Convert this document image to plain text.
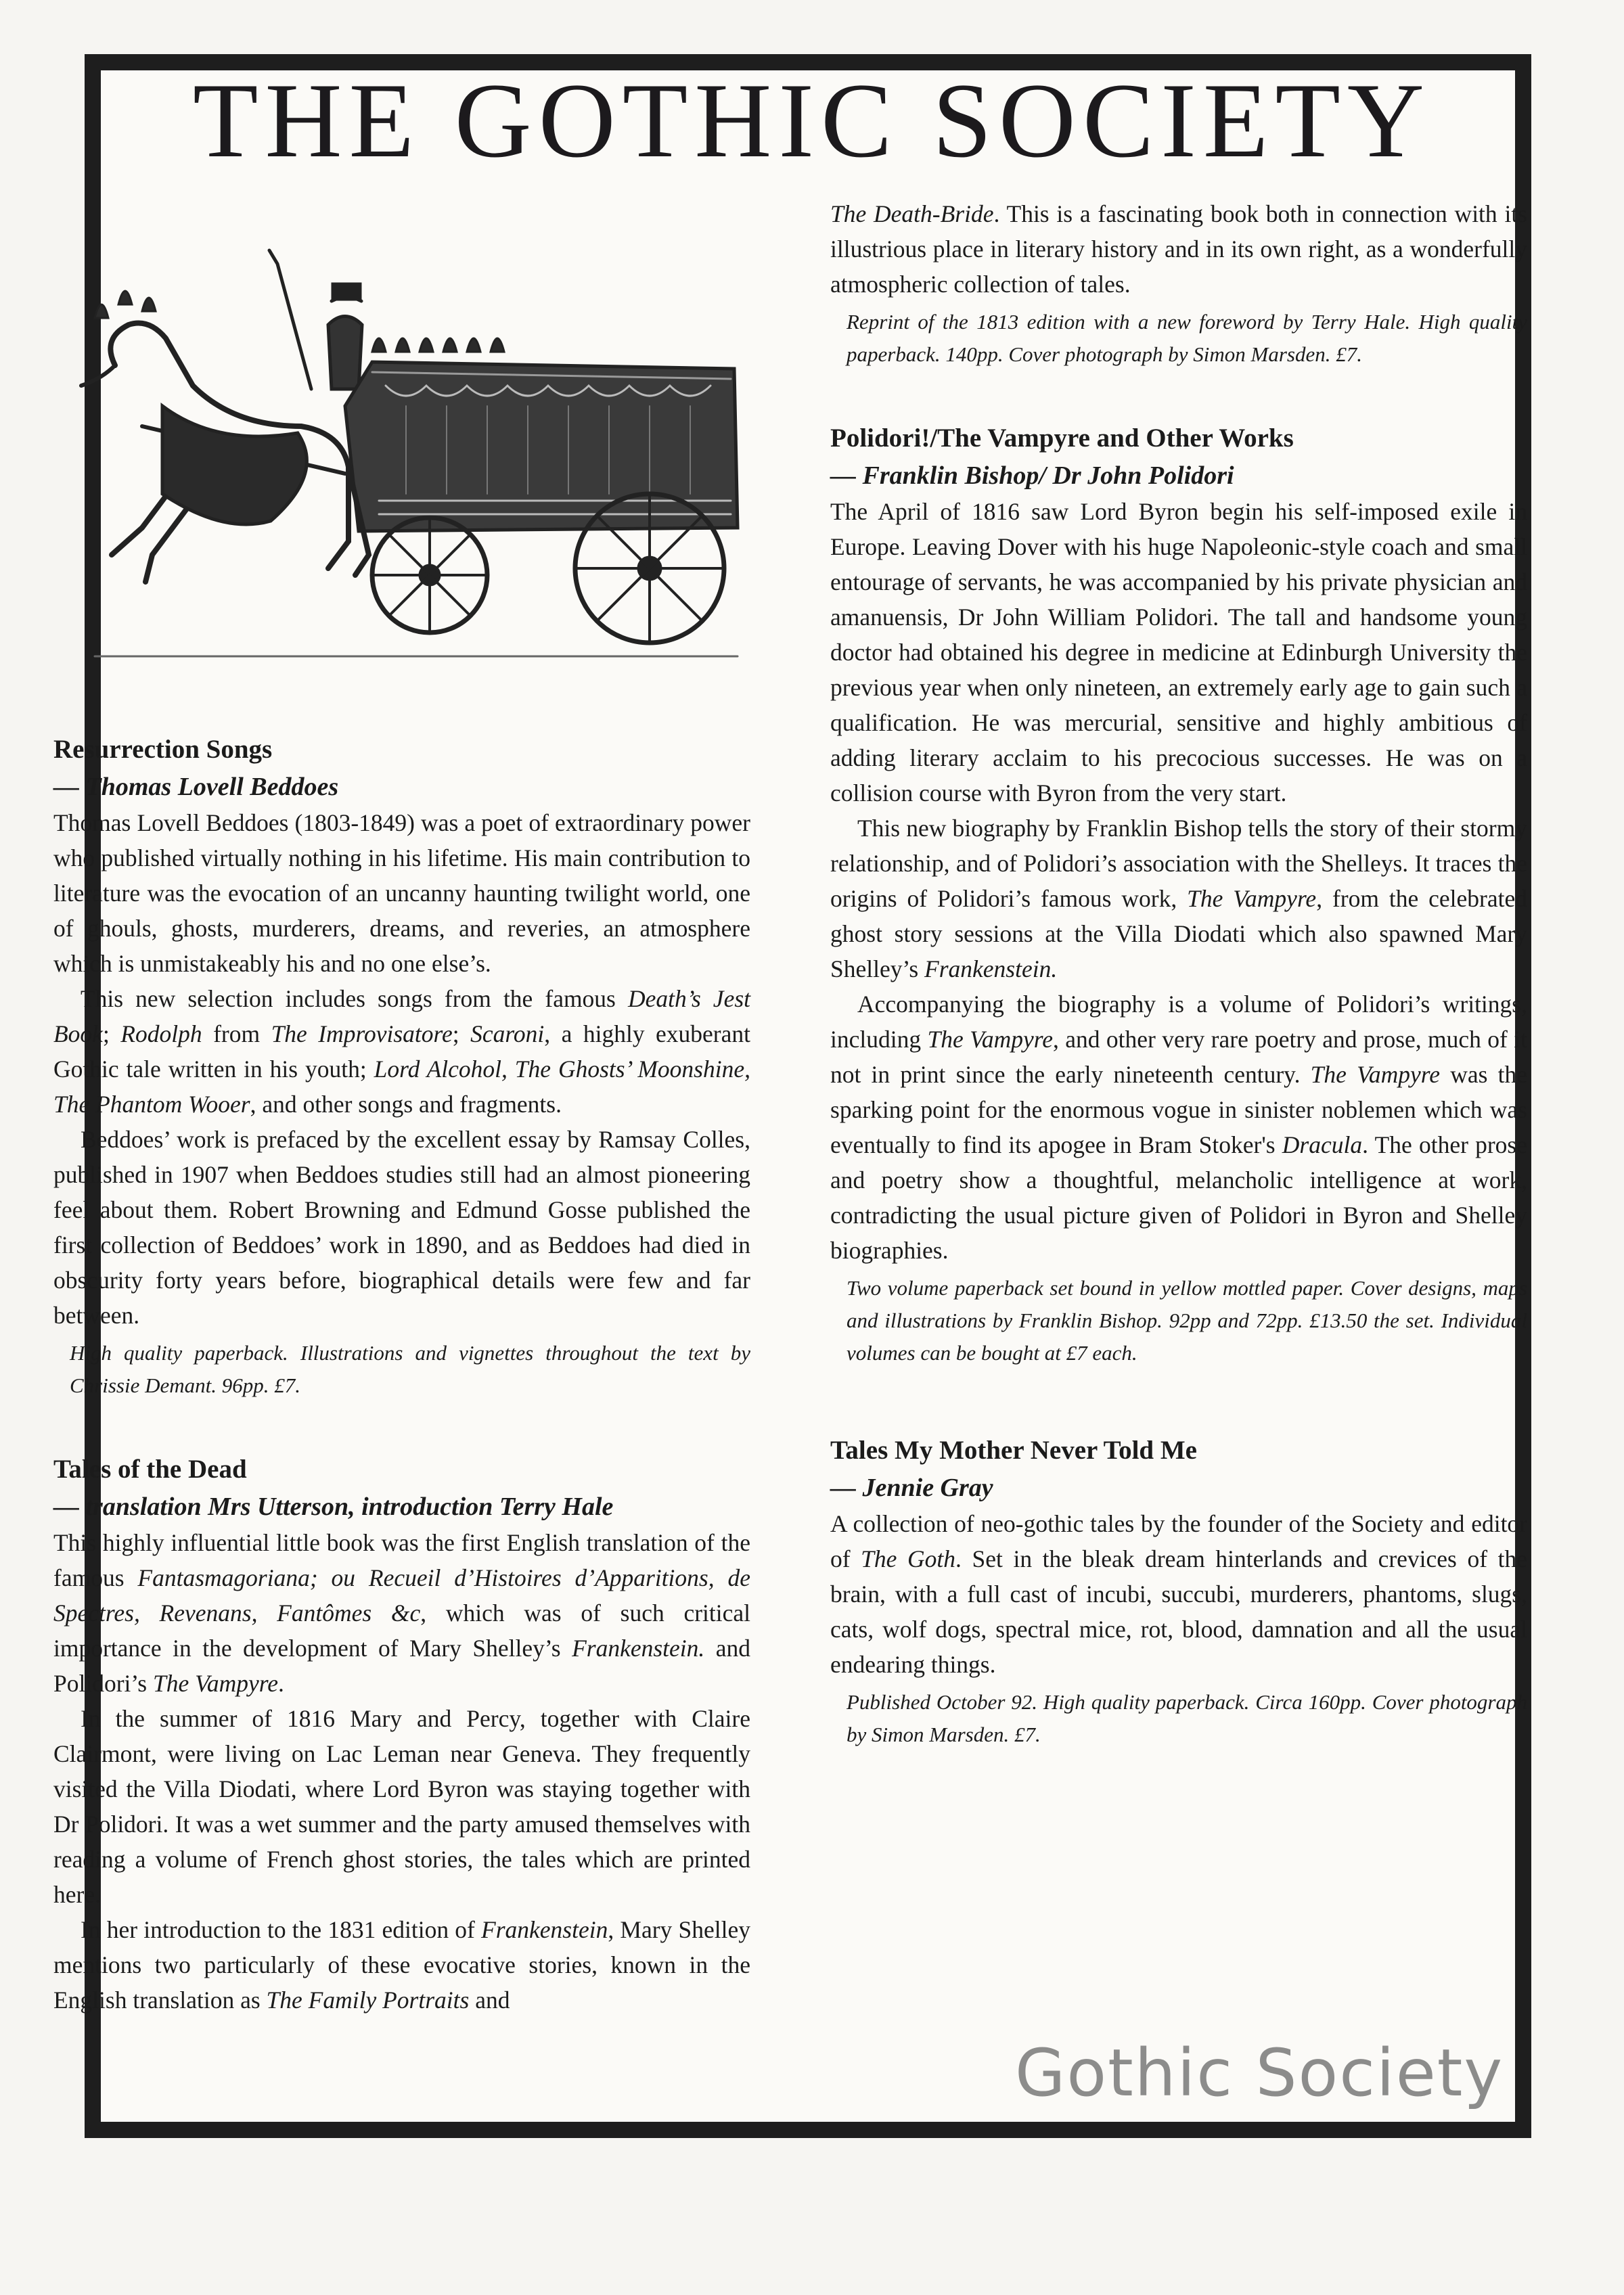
THE GOTHIC SOCIETY
Resurrection Songs
— Thomas Lovell Beddoes

Thomas Lovell Beddoes (1803-1849) was a poet of extraordinary power who published virtually nothing in his lifetime. His main contribution to literature was the evocation of an uncanny haunting twilight world, one of ghouls, ghosts, murderers, dreams, and reveries, an atmosphere which is unmistakeably his and no one else’s.

This new selection includes songs from the famous Death’s Jest Book; Rodolph from The Improvisatore; Scaroni, a highly exuberant Gothic tale written in his youth; Lord Alcohol, The Ghosts’ Moonshine, The Phantom Wooer, and other songs and fragments.

Beddoes’ work is prefaced by the excellent essay by Ramsay Colles, published in 1907 when Beddoes studies still had an almost pioneering feel about them. Robert Browning and Edmund Gosse published the first collection of Beddoes’ work in 1890, and as Beddoes had died in obscurity forty years before, biographical details were few and far between.

High quality paperback. Illustrations and vignettes throughout the text by Chrissie Demant. 96pp. £7.

Tales of the Dead
— translation Mrs Utterson, introduction Terry Hale

This highly influential little book was the first English translation of the famous Fantasmagoriana; ou Recueil d’Histoires d’Apparitions, de Spectres, Revenans, Fantômes &c, which was of such critical importance in the development of Mary Shelley’s Frankenstein. and Polidori’s The Vampyre.

In the summer of 1816 Mary and Percy, together with Claire Clairmont, were living on Lac Leman near Geneva. They frequently visited the Villa Diodati, where Lord Byron was staying together with Dr Polidori. It was a wet summer and the party amused themselves with reading a volume of French ghost stories, the tales which are printed here.

In her introduction to the 1831 edition of Frankenstein, Mary Shelley mentions two particularly of these evocative stories, known in the English translation as The Family Portraits and

The Death-Bride. This is a fascinating book both in connection with its illustrious place in literary history and in its own right, as a wonderfully atmospheric collection of tales.

Reprint of the 1813 edition with a new foreword by Terry Hale. High quality paperback. 140pp. Cover photograph by Simon Marsden. £7.

Polidori!/The Vampyre and Other Works
— Franklin Bishop/ Dr John Polidori

The April of 1816 saw Lord Byron begin his self-imposed exile in Europe. Leaving Dover with his huge Napoleonic-style coach and small entourage of servants, he was accompanied by his private physician and amanuensis, Dr John William Polidori. The tall and handsome young doctor had obtained his degree in medicine at Edinburgh University the previous year when only nineteen, an extremely early age to gain such a qualification. He was mercurial, sensitive and highly ambitious of adding literary acclaim to his precocious successes. He was on a collision course with Byron from the very start.

This new biography by Franklin Bishop tells the story of their stormy relationship, and of Polidori’s association with the Shelleys. It traces the origins of Polidori’s famous work, The Vampyre, from the celebrated ghost story sessions at the Villa Diodati which also spawned Mary Shelley’s Frankenstein.

Accompanying the biography is a volume of Polidori’s writings, including The Vampyre, and other very rare poetry and prose, much of it not in print since the early nineteenth century. The Vampyre was the sparking point for the enormous vogue in sinister noblemen which was eventually to find its apogee in Bram Stoker's Dracula. The other prose and poetry show a thoughtful, melancholic intelligence at work, contradicting the usual picture given of Polidori in Byron and Shelley biographies.

Two volume paperback set bound in yellow mottled paper. Cover designs, maps and illustrations by Franklin Bishop. 92pp and 72pp. £13.50 the set. Individual volumes can be bought at £7 each.

Tales My Mother Never Told Me
— Jennie Gray

A collection of neo-gothic tales by the founder of the Society and editor of The Goth. Set in the bleak dream hinterlands and crevices of the brain, with a full cast of incubi, succubi, murderers, phantoms, slugs, cats, wolf dogs, spectral mice, rot, blood, damnation and all the usual endearing things.

Published October 92. High quality paperback. Circa 160pp. Cover photograph by Simon Marsden. £7.

Gothic Society
